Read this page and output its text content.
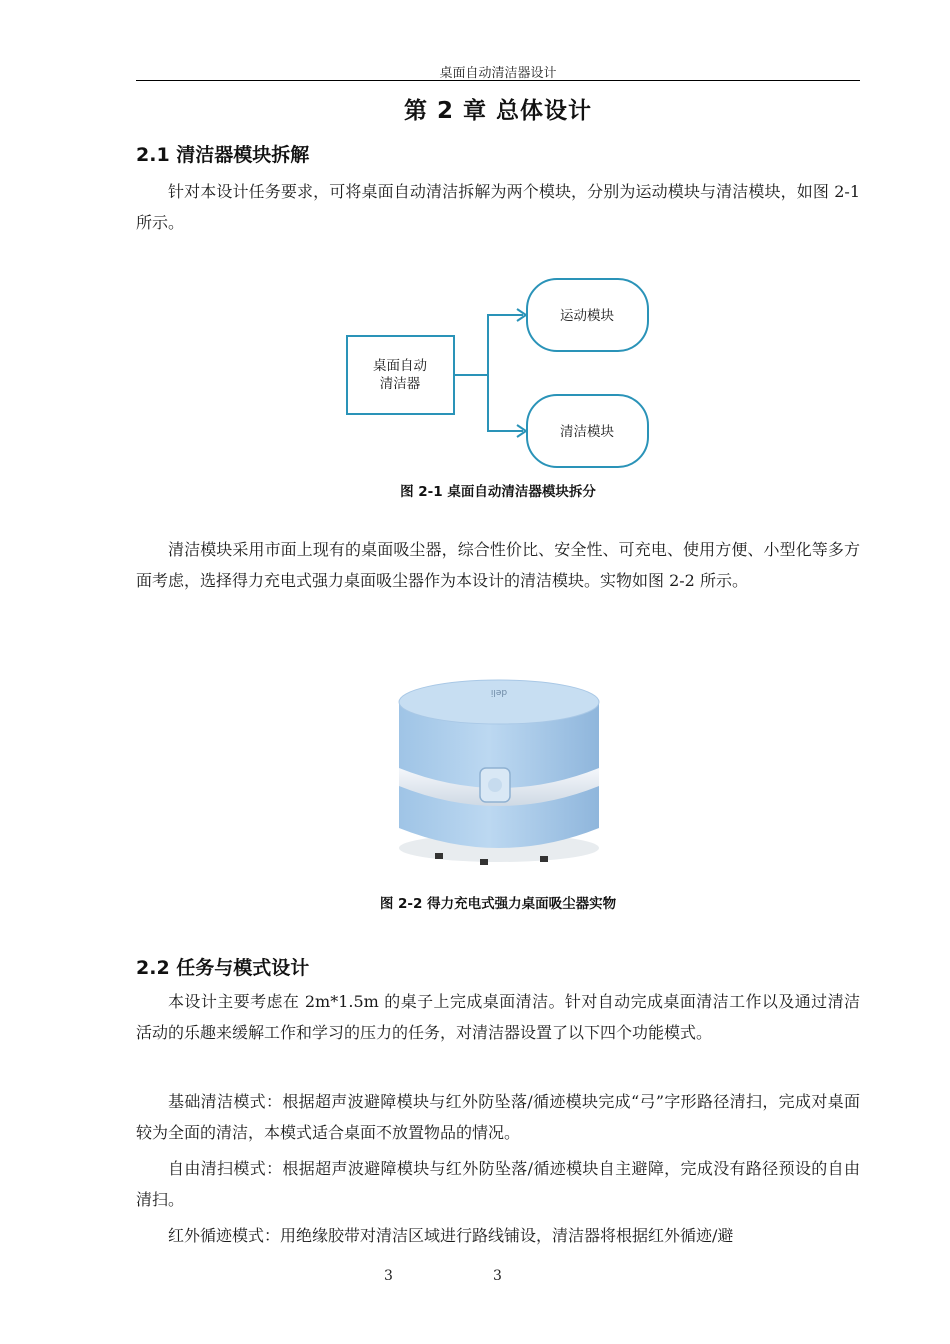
桌面自动清洁器设计
第 2 章 总体设计
2.1 清洁器模块拆解
针对本设计任务要求，可将桌面自动清洁拆解为两个模块，分别为运动模块与清洁模块，如图 2-1 所示。
桌面自动
清洁器
运动模块
清洁模块
图 2-1 桌面自动清洁器模块拆分
清洁模块采用市面上现有的桌面吸尘器，综合性价比、安全性、可充电、使用方便、小型化等多方面考虑，选择得力充电式强力桌面吸尘器作为本设计的清洁模块。实物如图 2-2 所示。
deli
图 2-2 得力充电式强力桌面吸尘器实物
2.2 任务与模式设计
本设计主要考虑在 2m*1.5m 的桌子上完成桌面清洁。针对自动完成桌面清洁工作以及通过清洁活动的乐趣来缓解工作和学习的压力的任务，对清洁器设置了以下四个功能模式。
基础清洁模式：根据超声波避障模块与红外防坠落/循迹模块完成“弓”字形路径清扫，完成对桌面较为全面的清洁，本模式适合桌面不放置物品的情况。
自由清扫模式：根据超声波避障模块与红外防坠落/循迹模块自主避障，完成没有路径预设的自由清扫。
红外循迹模式：用绝缘胶带对清洁区域进行路线铺设，清洁器将根据红外循迹/避
3	3
